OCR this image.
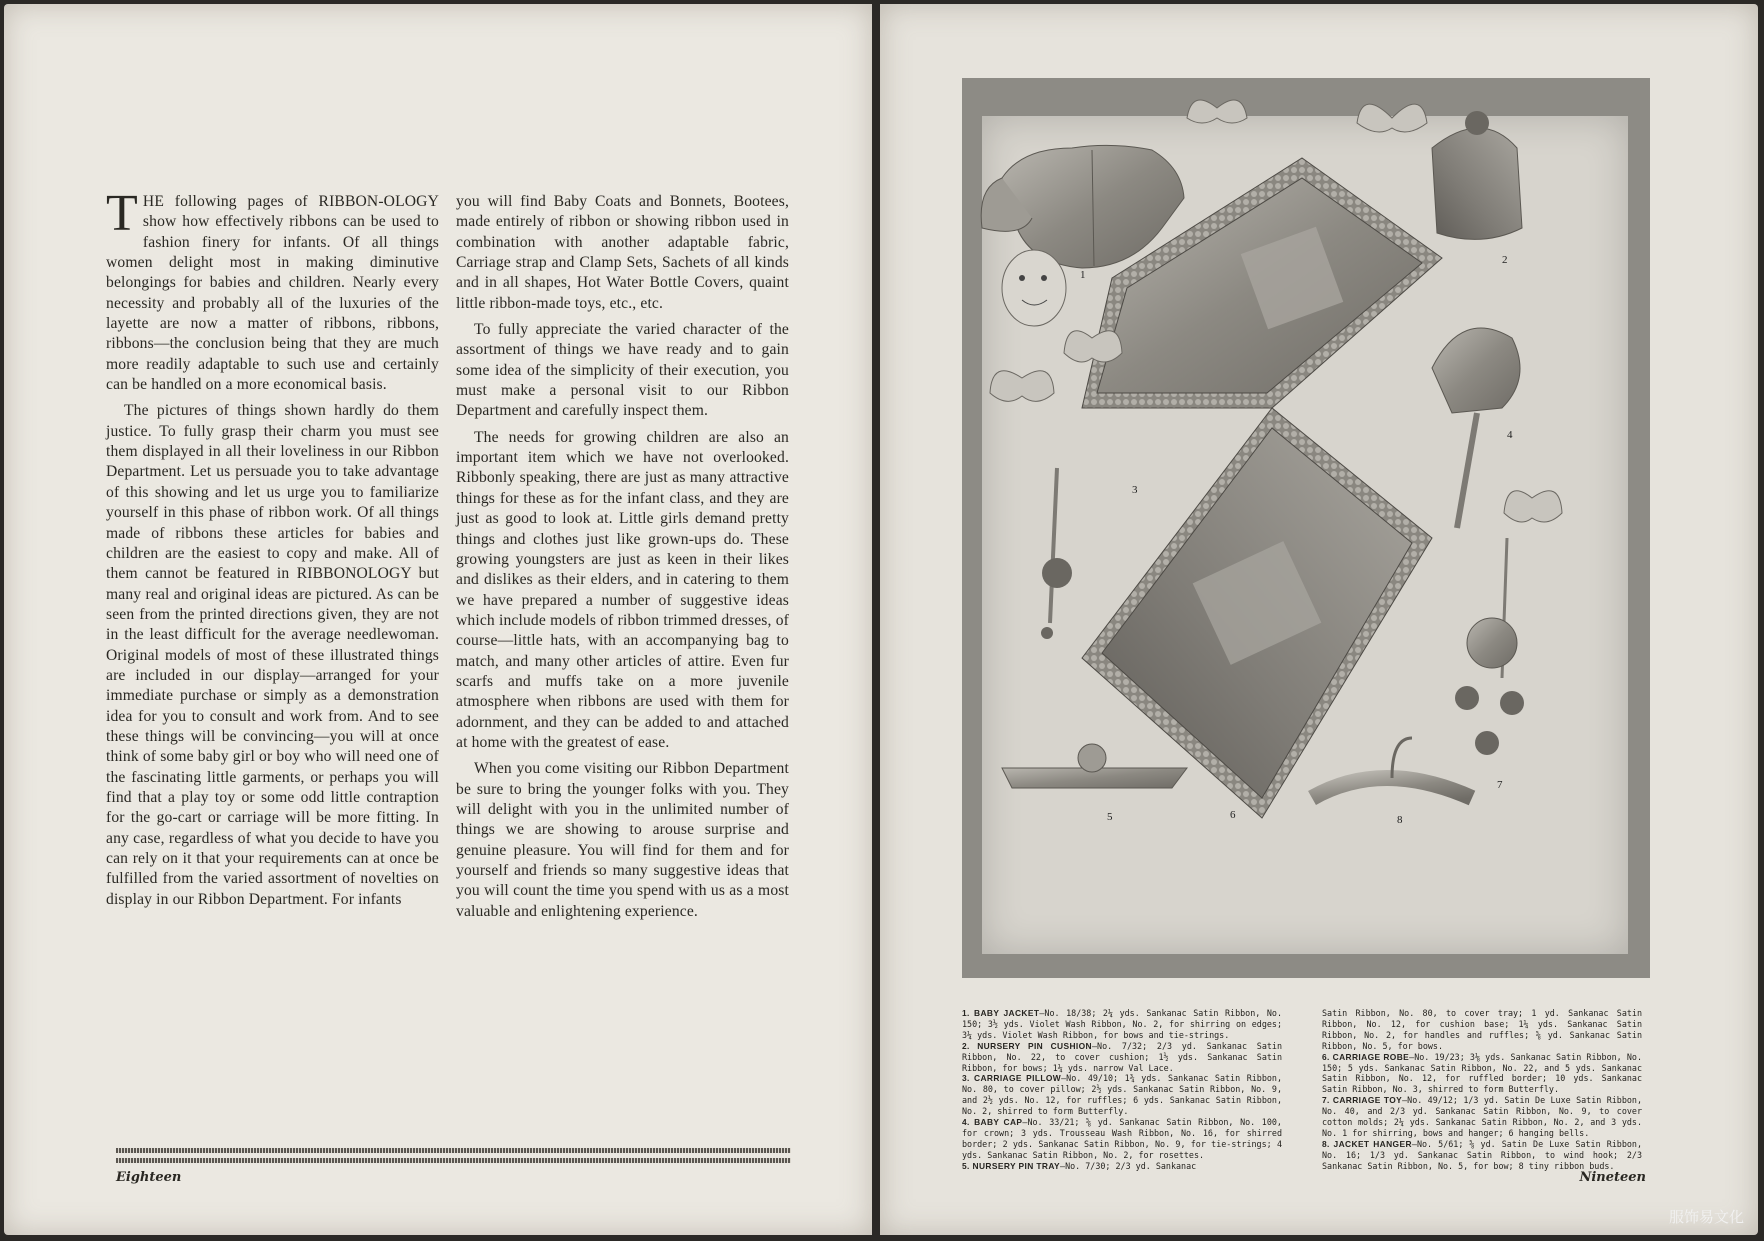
THE following pages of RIBBON-OLOGY show how effectively ribbons can be used to fashion finery for infants. Of all things women delight most in making diminutive belongings for babies and children. Nearly every necessity and probably all of the luxuries of the layette are now a matter of ribbons, ribbons, ribbons—the conclusion being that they are much more readily adaptable to such use and certainly can be handled on a more economical basis.

The pictures of things shown hardly do them justice. To fully grasp their charm you must see them displayed in all their loveliness in our Ribbon Department. Let us persuade you to take advantage of this showing and let us urge you to familiarize yourself in this phase of ribbon work. Of all things made of ribbons these articles for babies and children are the easiest to copy and make. All of them cannot be featured in RIBBONOLOGY but many real and original ideas are pictured. As can be seen from the printed directions given, they are not in the least difficult for the average needlewoman. Original models of most of these illustrated things are included in our display—arranged for your immediate purchase or simply as a demonstration idea for you to consult and work from. And to see these things will be convincing—you will at once think of some baby girl or boy who will need one of the fascinating little garments, or perhaps you will find that a play toy or some odd little contraption for the go-cart or carriage will be more fitting. In any case, regardless of what you decide to have you can rely on it that your requirements can at once be fulfilled from the varied assortment of novelties on display in our Ribbon Department. For infants

you will find Baby Coats and Bonnets, Bootees, made entirely of ribbon or showing ribbon used in combination with another adaptable fabric, Carriage strap and Clamp Sets, Sachets of all kinds and in all shapes, Hot Water Bottle Covers, quaint little ribbon-made toys, etc., etc.

To fully appreciate the varied character of the assortment of things we have ready and to gain some idea of the simplicity of their execution, you must make a personal visit to our Ribbon Department and carefully inspect them.

The needs for growing children are also an important item which we have not overlooked. Ribbonly speaking, there are just as many attractive things for these as for the infant class, and they are just as good to look at. Little girls demand pretty things and clothes just like grown-ups do. These growing youngsters are just as keen in their likes and dislikes as their elders, and in catering to them we have prepared a number of suggestive ideas which include models of ribbon trimmed dresses, of course—little hats, with an accompanying bag to match, and many other articles of attire. Even fur scarfs and muffs take on a more juvenile atmosphere when ribbons are used with them for adornment, and they can be added to and attached at home with the greatest of ease.

When you come visiting our Ribbon Department be sure to bring the younger folks with you. They will delight with you in the unlimited number of things we are showing to arouse surprise and genuine pleasure. You will find for them and for yourself and friends so many suggestive ideas that you will count the time you spend with us as a most valuable and enlightening experience.

Eighteen
1
2
3
4
6
7
5	8
1. BABY JACKET—No. 18/38; 2¼ yds. Sankanac Satin Ribbon, No. 150; 3½ yds. Violet Wash Ribbon, No. 2, for shirring on edges; 3¼ yds. Violet Wash Ribbon, for bows and tie-strings.
2. NURSERY PIN CUSHION—No. 7/32; 2/3 yd. Sankanac Satin Ribbon, No. 22, to cover cushion; 1½ yds. Sankanac Satin Ribbon, for bows; 1¼ yds. narrow Val Lace.
3. CARRIAGE PILLOW—No. 49/10; 1¾ yds. Sankanac Satin Ribbon, No. 80, to cover pillow; 2½ yds. Sankanac Satin Ribbon, No. 9, and 2½ yds. No. 12, for ruffles; 6 yds. Sankanac Satin Ribbon, No. 2, shirred to form Butterfly.
4. BABY CAP—No. 33/21; ⅝ yd. Sankanac Satin Ribbon, No. 100, for crown; 3 yds. Trousseau Wash Ribbon, No. 16, for shirred border; 2 yds. Sankanac Satin Ribbon, No. 9, for tie-strings; 4 yds. Sankanac Satin Ribbon, No. 2, for rosettes.
5. NURSERY PIN TRAY—No. 7/30; 2/3 yd. Sankanac
Satin Ribbon, No. 80, to cover tray; 1 yd. Sankanac Satin Ribbon, No. 12, for cushion base; 1¼ yds. Sankanac Satin Ribbon, No. 2, for handles and ruffles; ⅝ yd. Sankanac Satin Ribbon, No. 5, for bows.
6. CARRIAGE ROBE—No. 19/23; 3⅛ yds. Sankanac Satin Ribbon, No. 150; 5 yds. Sankanac Satin Ribbon, No. 22, and 5 yds. Sankanac Satin Ribbon, No. 12, for ruffled border; 10 yds. Sankanac Satin Ribbon, No. 3, shirred to form Butterfly.
7. CARRIAGE TOY—No. 49/12; 1/3 yd. Satin De Luxe Satin Ribbon, No. 40, and 2/3 yd. Sankanac Satin Ribbon, No. 9, to cover cotton molds; 2¼ yds. Sankanac Satin Ribbon, No. 2, and 3 yds. No. 1 for shirring, bows and hanger; 6 hanging bells.
8. JACKET HANGER—No. 5/61; ⅝ yd. Satin De Luxe Satin Ribbon, No. 16; 1/3 yd. Sankanac Satin Ribbon, to wind hook; 2/3 Sankanac Satin Ribbon, No. 5, for bow; 8 tiny ribbon buds.
Nineteen
服饰易文化
